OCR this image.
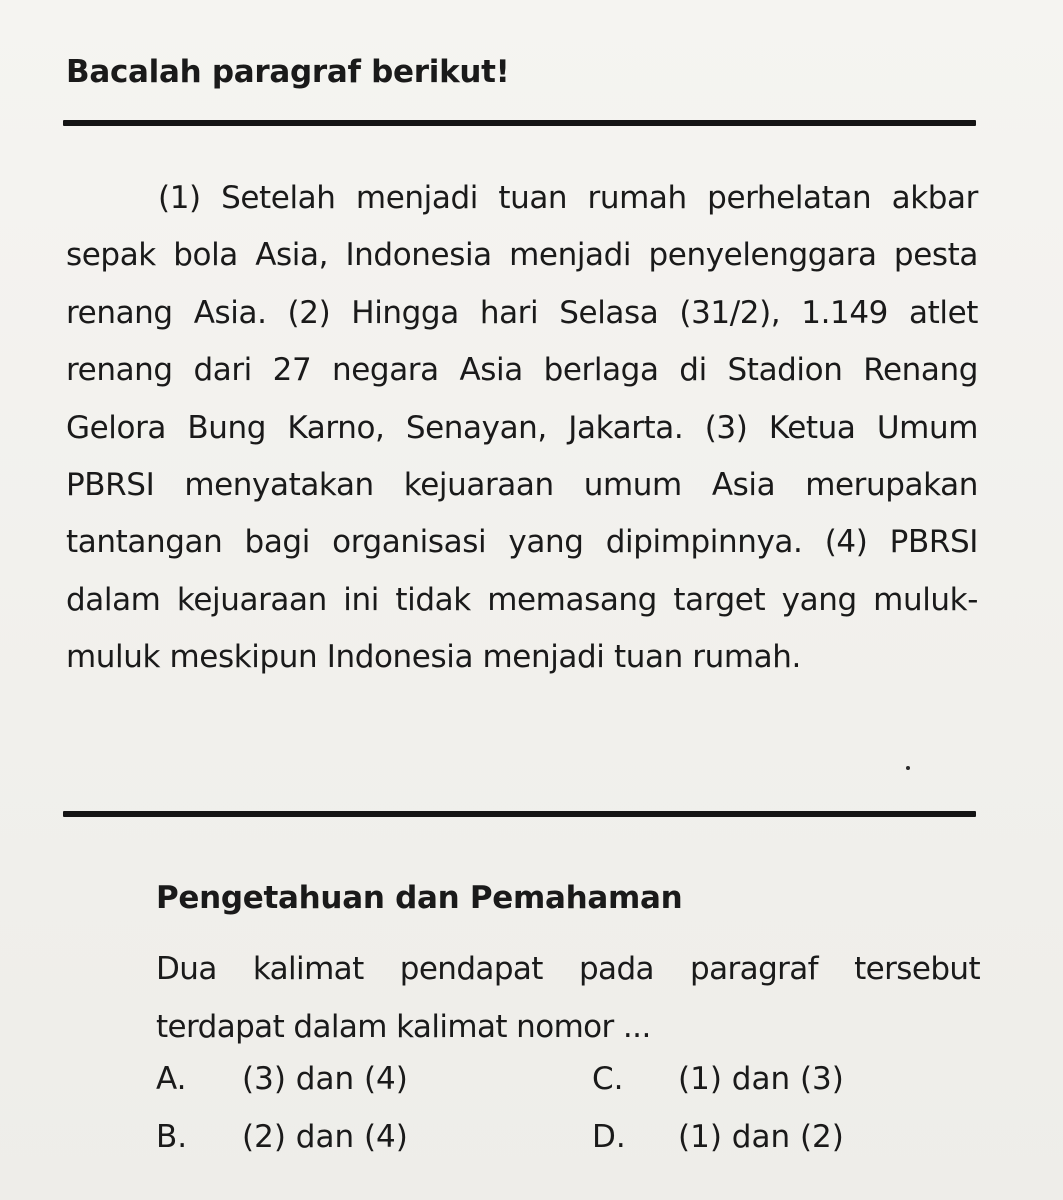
Bacalah paragraf berikut!

(1) Setelah menjadi tuan rumah perhelatan akbar sepak bola Asia, Indonesia menjadi penyelenggara pesta renang Asia. (2) Hingga hari Selasa (31/2), 1.149 atlet renang dari 27 negara Asia berlaga di Stadion Renang Gelora Bung Karno, Senayan, Jakarta. (3) Ketua Umum PBRSI menyatakan kejuaraan umum Asia merupakan tantangan bagi organisasi yang dipimpinnya. (4) PBRSI dalam kejuaraan ini tidak memasang target yang muluk-muluk meskipun Indonesia menjadi tuan rumah.

Pengetahuan dan Pemahaman

Dua kalimat pendapat pada paragraf tersebut terdapat dalam kalimat nomor ...

A. (3) dan (4)
B. (2) dan (4)
C. (1) dan (3)
D. (1) dan (2)
